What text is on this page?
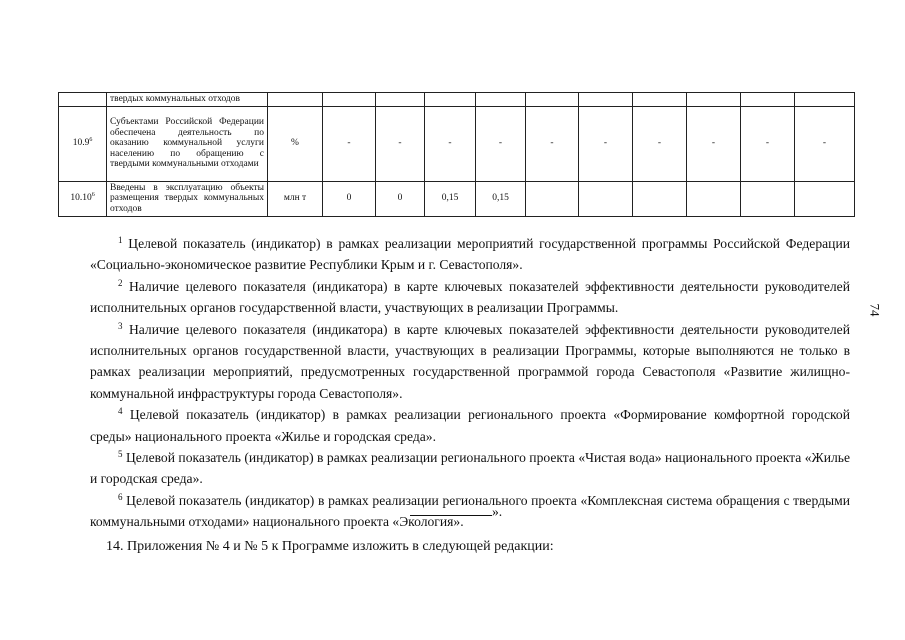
	твердых коммунальных отходов											
10.9$^6$	Субъектами Российской Федерации обеспечена деятельность по оказанию коммунальной услуги населению по обращению с твердыми коммунальными отходами	%	-	-	-	-	-	-	-	-	-	-
10.10$^6$	Введены в эксплуатацию объекты размещения твердых коммунальных отходов	млн т	0	0	0,15	0,15						

$^1$ Целевой показатель (индикатор) в рамках реализации мероприятий государственной программы Российской Федерации «Социально-экономическое развитие Республики Крым и г. Севастополя».

$^2$ Наличие целевого показателя (индикатора) в карте ключевых показателей эффективности деятельности руководителей исполнительных органов государственной власти, участвующих в реализации Программы.

$^3$ Наличие целевого показателя (индикатора) в карте ключевых показателей эффективности деятельности руководителей исполнительных органов государственной власти, участвующих в реализации Программы, которые выполняются не только в рамках реализации мероприятий, предусмотренных государственной программой города Севастополя «Развитие жилищно-коммунальной инфраструктуры города Севастополя».

$^4$ Целевой показатель (индикатор) в рамках реализации регионального проекта «Формирование комфортной городской среды» национального проекта «Жилье и городская среда».

$^5$ Целевой показатель (индикатор) в рамках реализации регионального проекта «Чистая вода» национального проекта «Жилье и городская среда».

$^6$ Целевой показатель (индикатор) в рамках реализации регионального проекта «Комплексная система обращения с твердыми коммунальными отходами» национального проекта «Экология».

».
14. Приложения № 4 и № 5 к Программе изложить в следующей редакции:
74
